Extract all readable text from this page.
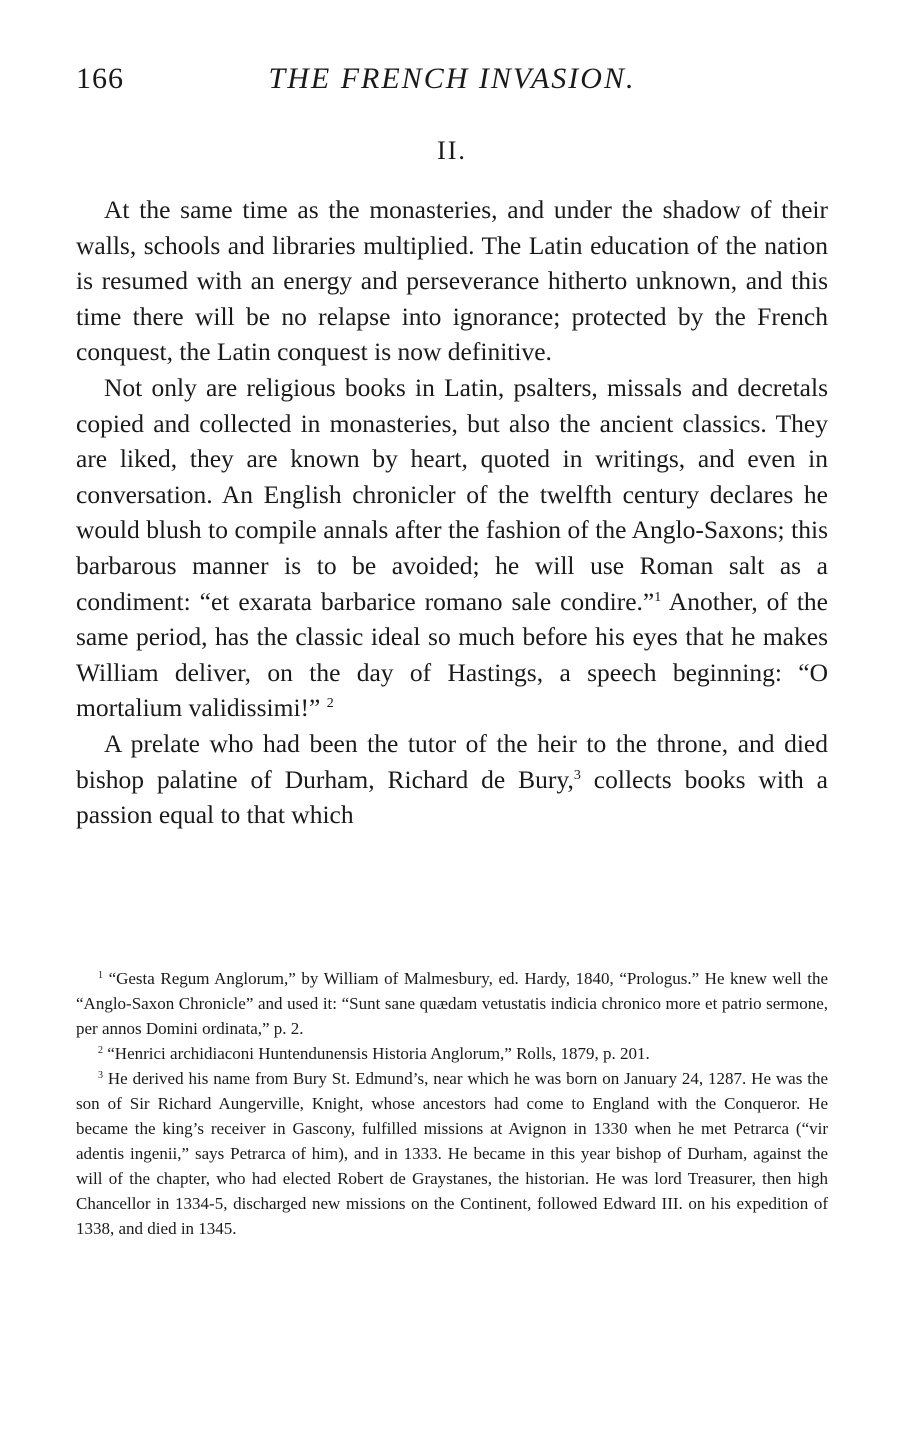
166	THE FRENCH INVASION.
II.

At the same time as the monasteries, and under the shadow of their walls, schools and libraries multiplied. The Latin education of the nation is resumed with an energy and perseverance hitherto unknown, and this time there will be no relapse into ignorance; protected by the French conquest, the Latin conquest is now definitive.

Not only are religious books in Latin, psalters, missals and decretals copied and collected in monasteries, but also the ancient classics. They are liked, they are known by heart, quoted in writings, and even in conversation. An English chronicler of the twelfth century declares he would blush to compile annals after the fashion of the Anglo-Saxons; this barbarous manner is to be avoided; he will use Roman salt as a condiment: “et exarata barbarice romano sale condire.”$^1$ Another, of the same period, has the classic ideal so much before his eyes that he makes William deliver, on the day of Hastings, a speech beginning: “O mortalium validissimi!” $^2$

A prelate who had been the tutor of the heir to the throne, and died bishop palatine of Durham, Richard de Bury,$^3$ collects books with a passion equal to that which

$^1$ “Gesta Regum Anglorum,” by William of Malmesbury, ed. Hardy, 1840, “Prologus.” He knew well the “Anglo-Saxon Chronicle” and used it: “Sunt sane quædam vetustatis indicia chronico more et patrio sermone, per annos Domini ordinata,” p. 2.

$^2$ “Henrici archidiaconi Huntendunensis Historia Anglorum,” Rolls, 1879, p. 201.

$^3$ He derived his name from Bury St. Edmund’s, near which he was born on January 24, 1287. He was the son of Sir Richard Aungerville, Knight, whose ancestors had come to England with the Conqueror. He became the king’s receiver in Gascony, fulfilled missions at Avignon in 1330 when he met Petrarca (“vir adentis ingenii,” says Petrarca of him), and in 1333. He became in this year bishop of Durham, against the will of the chapter, who had elected Robert de Graystanes, the historian. He was lord Treasurer, then high Chancellor in 1334-5, discharged new missions on the Continent, followed Edward III. on his expedition of 1338, and died in 1345.
